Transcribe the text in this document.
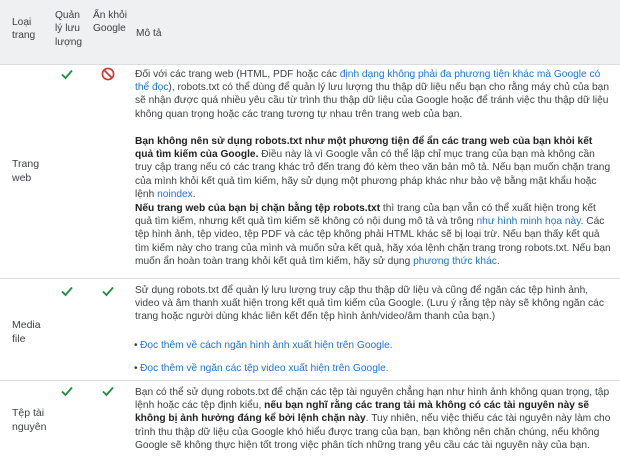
Loại trang
Quản lý lưu lượng
Ẩn khỏi Google Mô tả
Trang web

Đối với các trang web (HTML, PDF hoặc các định dạng không phải đa phương tiện khác mà Google có thể đọc), robots.txt có thể dùng để quản lý lưu lượng thu thập dữ liệu nếu bạn cho rằng máy chủ của bạn sẽ nhận được quá nhiều yêu cầu từ trình thu thập dữ liệu của Google hoặc để tránh việc thu thập dữ liệu không quan trọng hoặc các trang tương tự nhau trên trang web của bạn.

Bạn không nên sử dụng robots.txt như một phương tiện để ẩn các trang web của bạn khỏi kết quả tìm kiếm của Google. Điều này là vì Google vẫn có thể lập chỉ mục trang của bạn mà không cần truy cập trang nếu có các trang khác trỏ đến trang đó kèm theo văn bản mô tả. Nếu bạn muốn chặn trang của mình khỏi kết quả tìm kiếm, hãy sử dụng một phương pháp khác như bảo vệ bằng mật khẩu hoặc lệnh noindex.

Nếu trang web của bạn bị chặn bằng tệp robots.txt thì trang của bạn vẫn có thể xuất hiện trong kết quả tìm kiếm, nhưng kết quả tìm kiếm sẽ không có nội dung mô tả và trông như hình minh họa này. Các tệp hình ảnh, tệp video, tệp PDF và các tệp không phải HTML khác sẽ bị loại trừ. Nếu bạn thấy kết quả tìm kiếm này cho trang của mình và muốn sửa kết quả, hãy xóa lệnh chặn trang trong robots.txt. Nếu bạn muốn ẩn hoàn toàn trang khỏi kết quả tìm kiếm, hãy sử dụng phương thức khác.

Media file

Sử dụng robots.txt để quản lý lưu lượng truy cập thu thập dữ liệu và cũng để ngăn các tệp hình ảnh, video và âm thanh xuất hiện trong kết quả tìm kiếm của Google. (Lưu ý rằng tệp này sẽ không ngăn các trang hoặc người dùng khác liên kết đến tệp hình ảnh/video/âm thanh của bạn.)

• Đọc thêm về cách ngăn hình ảnh xuất hiện trên Google.
• Đọc thêm về ngăn các tệp video xuất hiện trên Google.
Tệp tài nguyên

Bạn có thể sử dụng robots.txt để chặn các tệp tài nguyên chẳng hạn như hình ảnh không quan trọng, tập lệnh hoặc các tệp định kiểu, nếu bạn nghĩ rằng các trang tải mà không có các tài nguyên này sẽ không bị ảnh hưởng đáng kể bởi lệnh chặn này. Tuy nhiên, nếu việc thiếu các tài nguyên này làm cho trình thu thập dữ liệu của Google khó hiểu được trang của bạn, bạn không nên chặn chúng, nếu không Google sẽ không thực hiện tốt trong việc phân tích những trang yêu cầu các tài nguyên này của bạn.
